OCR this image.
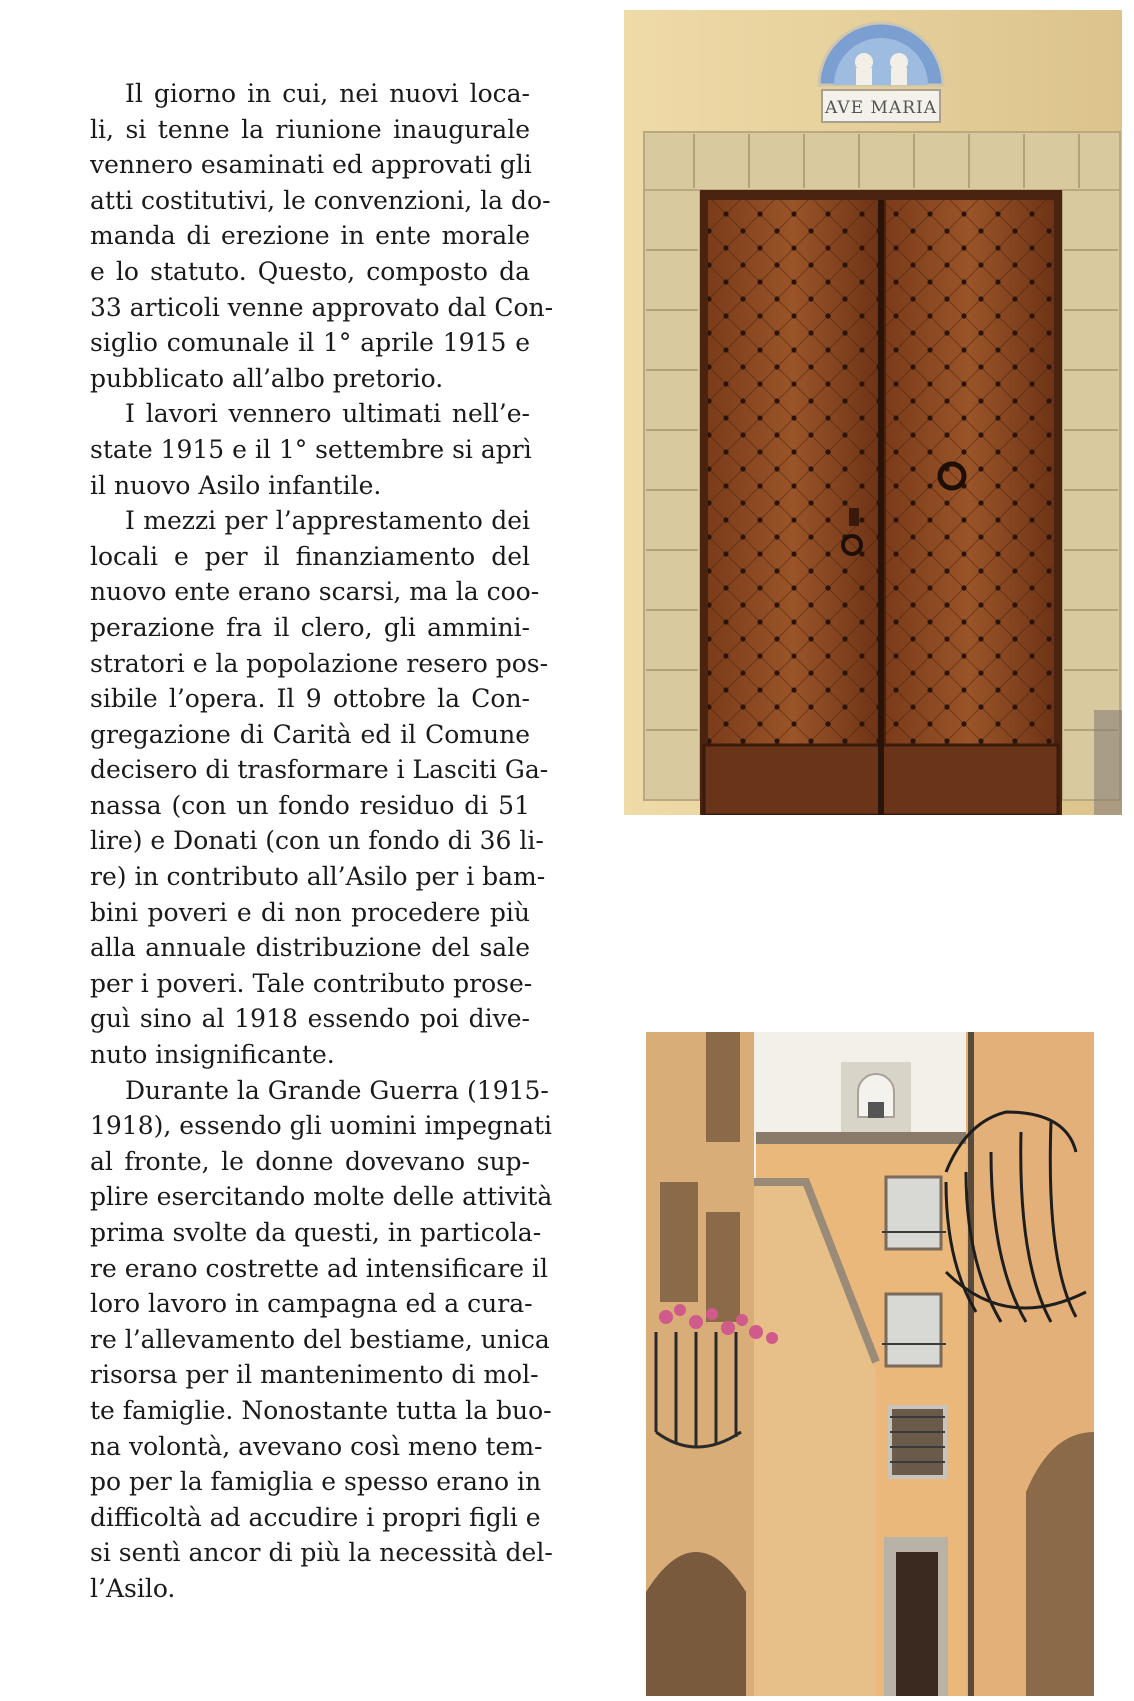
Il giorno in cui, nei nuovi loca-
li, si tenne la riunione inaugurale
vennero esaminati ed approvati gli
atti costitutivi, le convenzioni, la do-
manda di erezione in ente morale
e lo statuto. Questo, composto da
33 articoli venne approvato dal Con-
siglio comunale il 1° aprile 1915 e
pubblicato all’albo pretorio.
I lavori vennero ultimati nell’e-
state 1915 e il 1° settembre si aprì
il nuovo Asilo infantile.
I mezzi per l’apprestamento dei
locali e per il finanziamento del
nuovo ente erano scarsi, ma la coo-
perazione fra il clero, gli ammini-
stratori e la popolazione resero pos-
sibile l’opera. Il 9 ottobre la Con-
gregazione di Carità ed il Comune
decisero di trasformare i Lasciti Ga-
nassa (con un fondo residuo di 51
lire) e Donati (con un fondo di 36 li-
re) in contributo all’Asilo per i bam-
bini poveri e di non procedere più
alla annuale distribuzione del sale
per i poveri. Tale contributo prose-
guì sino al 1918 essendo poi dive-
nuto insignificante.
Durante la Grande Guerra (1915-
1918), essendo gli uomini impegnati
al fronte, le donne dovevano sup-
plire esercitando molte delle attività
prima svolte da questi, in particola-
re erano costrette ad intensificare il
loro lavoro in campagna ed a cura-
re l’allevamento del bestiame, unica
risorsa per il mantenimento di mol-
te famiglie. Nonostante tutta la buo-
na volontà, avevano così meno tem-
po per la famiglia e spesso erano in
difficoltà ad accudire i propri figli e
si sentì ancor di più la necessità del-
l’Asilo.
AVE MARIA
